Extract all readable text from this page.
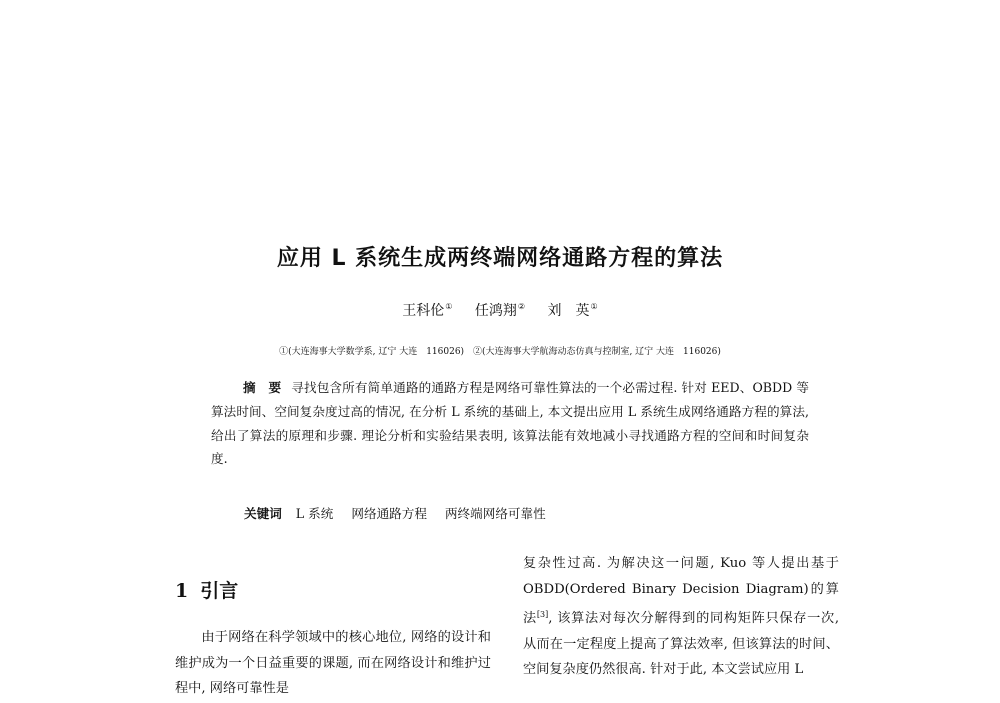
应用 L 系统生成两终端网络通路方程的算法
王科伦① 任鸿翔② 刘　英①
①(大连海事大学数学系, 辽宁 大连　116026) ②(大连海事大学航海动态仿真与控制室, 辽宁 大连　116026)
摘　要 寻找包含所有简单通路的通路方程是网络可靠性算法的一个必需过程. 针对 EED、OBDD 等算法时间、空间复杂度过高的情况, 在分析 L 系统的基础上, 本文提出应用 L 系统生成网络通路方程的算法, 给出了算法的原理和步骤. 理论分析和实验结果表明, 该算法能有效地减小寻找通路方程的空间和时间复杂度.
关键词 L 系统 网络通路方程 两终端网络可靠性
1 引言

由于网络在科学领域中的核心地位, 网络的设计和维护成为一个日益重要的课题, 而在网络设计和维护过程中, 网络可靠性是

复杂性过高. 为解决这一问题, Kuo 等人提出基于 OBDD(Ordered Binary Decision Diagram)的算法[3], 该算法对每次分解得到的同构矩阵只保存一次, 从而在一定程度上提高了算法效率, 但该算法的时间、空间复杂度仍然很高. 针对于此, 本文尝试应用 L
